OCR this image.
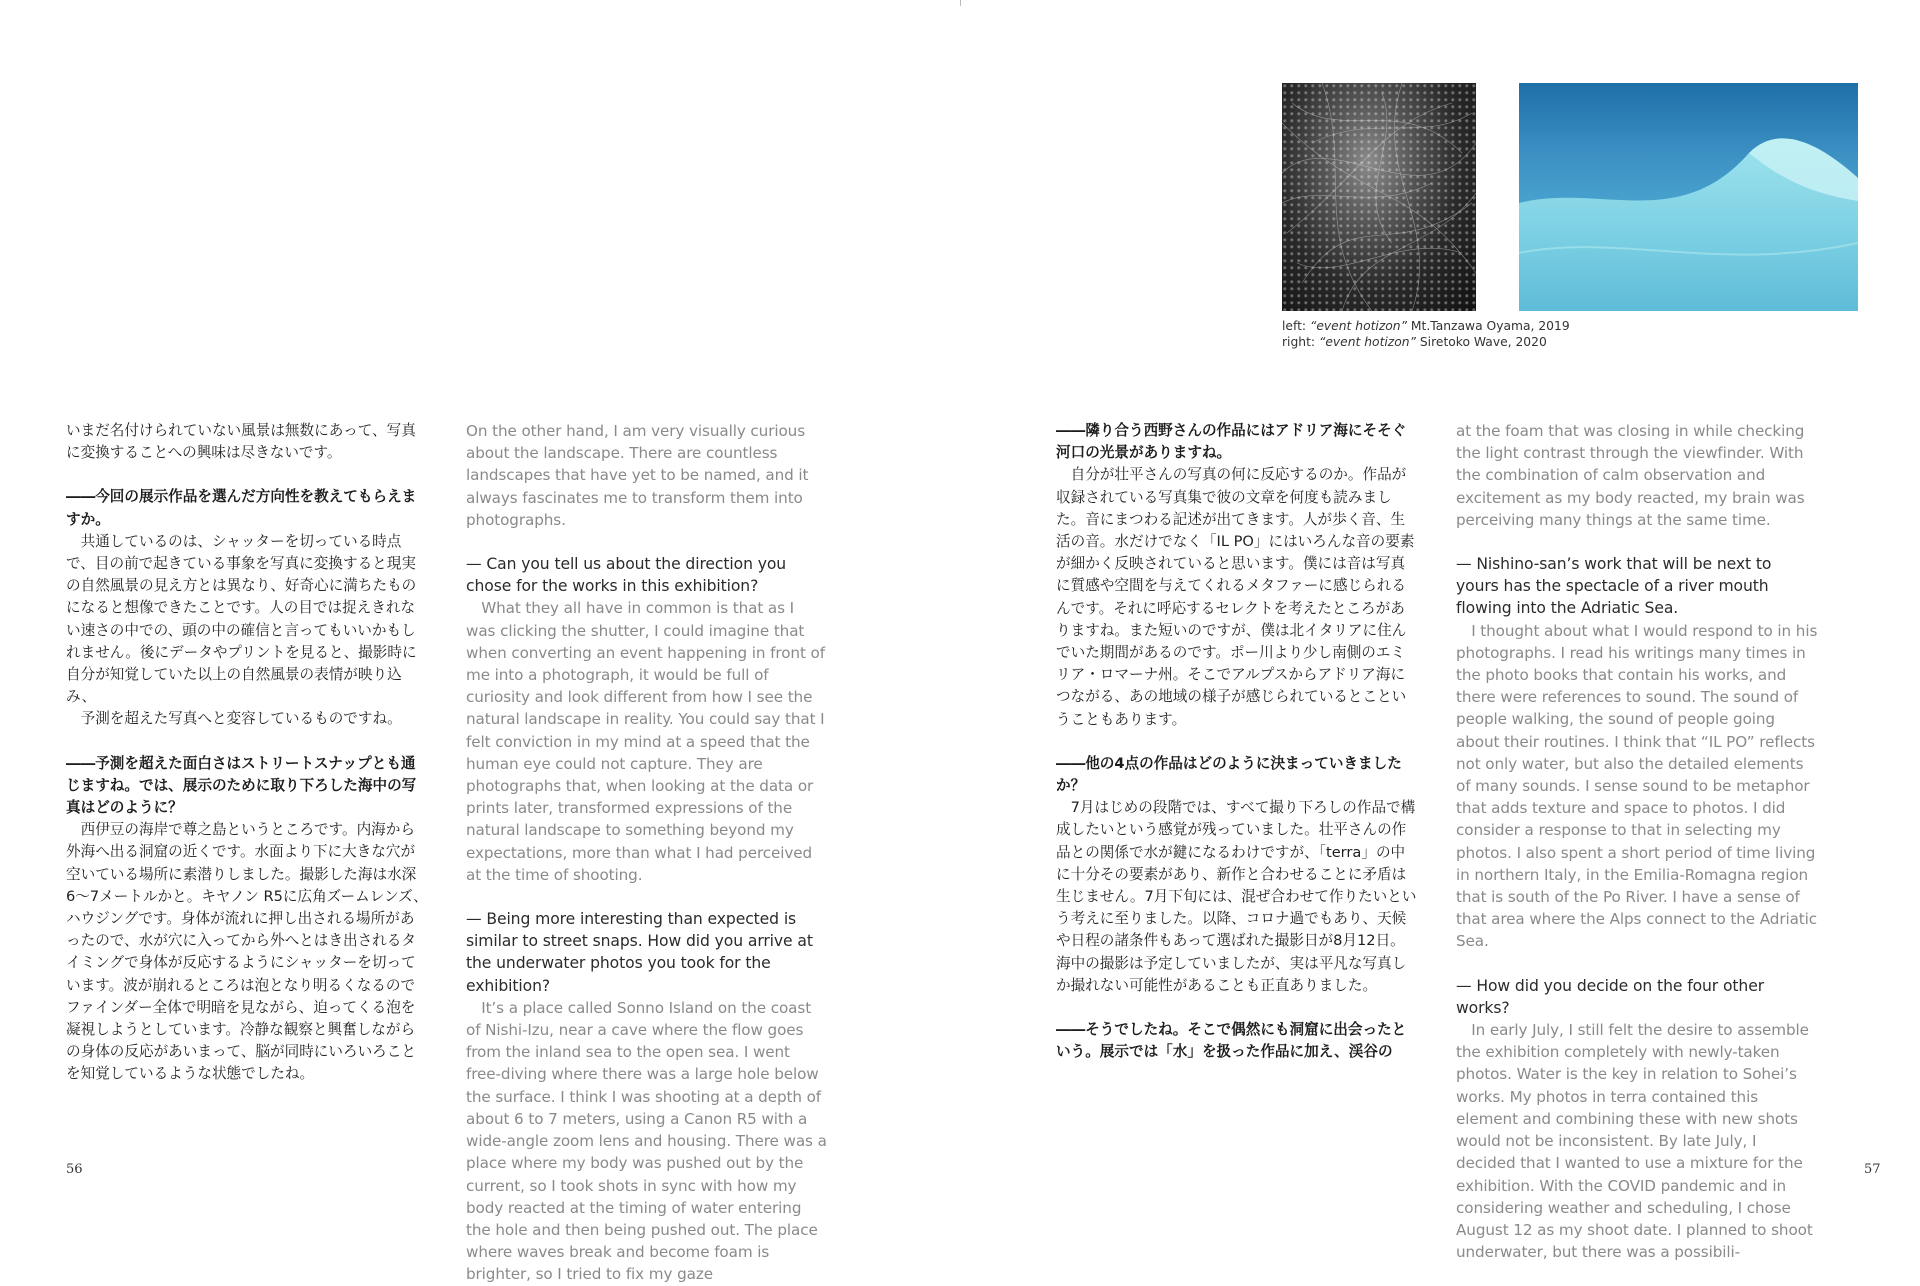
left: “event hotizon” Mt.Tanzawa Oyama, 2019
right: “event hotizon” Siretoko Wave, 2020

いまだ名付けられていない風景は無数にあって、写真に変換することへの興味は尽きないです。

――今回の展示作品を選んだ方向性を教えてもらえますか。

共通しているのは、シャッターを切っている時点で、目の前で起きている事象を写真に変換すると現実の自然風景の見え方とは異なり、好奇心に満ちたものになると想像できたことです。人の目では捉えきれない速さの中での、頭の中の確信と言ってもいいかもしれません。後にデータやプリントを見ると、撮影時に自分が知覚していた以上の自然風景の表情が映り込み、

予測を超えた写真へと変容しているものですね。

――予測を超えた面白さはストリートスナップとも通じますね。では、展示のために取り下ろした海中の写真はどのように？

西伊豆の海岸で尊之島というところです。内海から外海へ出る洞窟の近くです。水面より下に大きな穴が空いている場所に素潜りしました。撮影した海は水深6〜7メートルかと。キヤノン R5に広角ズームレンズ、ハウジングです。身体が流れに押し出される場所があったので、水が穴に入ってから外へとはき出されるタイミングで身体が反応するようにシャッターを切っています。波が崩れるところは泡となり明るくなるのでファインダー全体で明暗を見ながら、迫ってくる泡を凝視しようとしています。冷静な観察と興奮しながらの身体の反応があいまって、脳が同時にいろいろことを知覚しているような状態でしたね。

On the other hand, I am very visually curious about the landscape. There are countless landscapes that have yet to be named, and it always fascinates me to transform them into photographs.

— Can you tell us about the direction you chose for the works in this exhibition?

What they all have in common is that as I was clicking the shutter, I could imagine that when converting an event happening in front of me into a photograph, it would be full of curiosity and look different from how I see the natural landscape in reality. You could say that I felt conviction in my mind at a speed that the human eye could not capture. They are photographs that, when looking at the data or prints later, transformed expressions of the natural landscape to something beyond my expectations, more than what I had perceived at the time of shooting.

— Being more interesting than expected is similar to street snaps. How did you arrive at the underwater photos you took for the exhibition?

It’s a place called Sonno Island on the coast of Nishi-Izu, near a cave where the flow goes from the inland sea to the open sea. I went free-diving where there was a large hole below the surface. I think I was shooting at a depth of about 6 to 7 meters, using a Canon R5 with a wide-angle zoom lens and housing. There was a place where my body was pushed out by the current, so I took shots in sync with how my body reacted at the timing of water entering the hole and then being pushed out. The place where waves break and become foam is brighter, so I tried to fix my gaze

――隣り合う西野さんの作品にはアドリア海にそそぐ河口の光景がありますね。

自分が壮平さんの写真の何に反応するのか。作品が収録されている写真集で彼の文章を何度も読みました。音にまつわる記述が出てきます。人が歩く音、生活の音。水だけでなく「IL PO」にはいろんな音の要素が細かく反映されていると思います。僕には音は写真に質感や空間を与えてくれるメタファーに感じられるんです。それに呼応するセレクトを考えたところがありますね。また短いのですが、僕は北イタリアに住んでいた期間があるのです。ポー川より少し南側のエミリア・ロマーナ州。そこでアルプスからアドリア海につながる、あの地域の様子が感じられているとこということもあります。

――他の4点の作品はどのように決まっていきましたか？

7月はじめの段階では、すべて撮り下ろしの作品で構成したいという感覚が残っていました。壮平さんの作品との関係で水が鍵になるわけですが、「terra」の中に十分その要素があり、新作と合わせることに矛盾は生じません。7月下旬には、混ぜ合わせて作りたいという考えに至りました。以降、コロナ過でもあり、天候や日程の諸条件もあって選ばれた撮影日が8月12日。海中の撮影は予定していましたが、実は平凡な写真しか撮れない可能性があることも正直ありました。

――そうでしたね。そこで偶然にも洞窟に出会ったという。展示では「水」を扱った作品に加え、渓谷の

at the foam that was closing in while checking the light contrast through the viewfinder. With the combination of calm observation and excitement as my body reacted, my brain was perceiving many things at the same time.

— Nishino-san’s work that will be next to yours has the spectacle of a river mouth flowing into the Adriatic Sea.

I thought about what I would respond to in his photographs. I read his writings many times in the photo books that contain his works, and there were references to sound. The sound of people walking, the sound of people going about their routines. I think that “IL PO” reflects not only water, but also the detailed elements of many sounds. I sense sound to be metaphor that adds texture and space to photos. I did consider a response to that in selecting my photos. I also spent a short period of time living in northern Italy, in the Emilia-Romagna region that is south of the Po River. I have a sense of that area where the Alps connect to the Adriatic Sea.

— How did you decide on the four other works?

In early July, I still felt the desire to assemble the exhibition completely with newly-taken photos. Water is the key in relation to Sohei’s works. My photos in terra contained this element and combining these with new shots would not be inconsistent. By late July, I decided that I wanted to use a mixture for the exhibition. With the COVID pandemic and in considering weather and scheduling, I chose August 12 as my shoot date. I planned to shoot underwater, but there was a possibili-

56	57
